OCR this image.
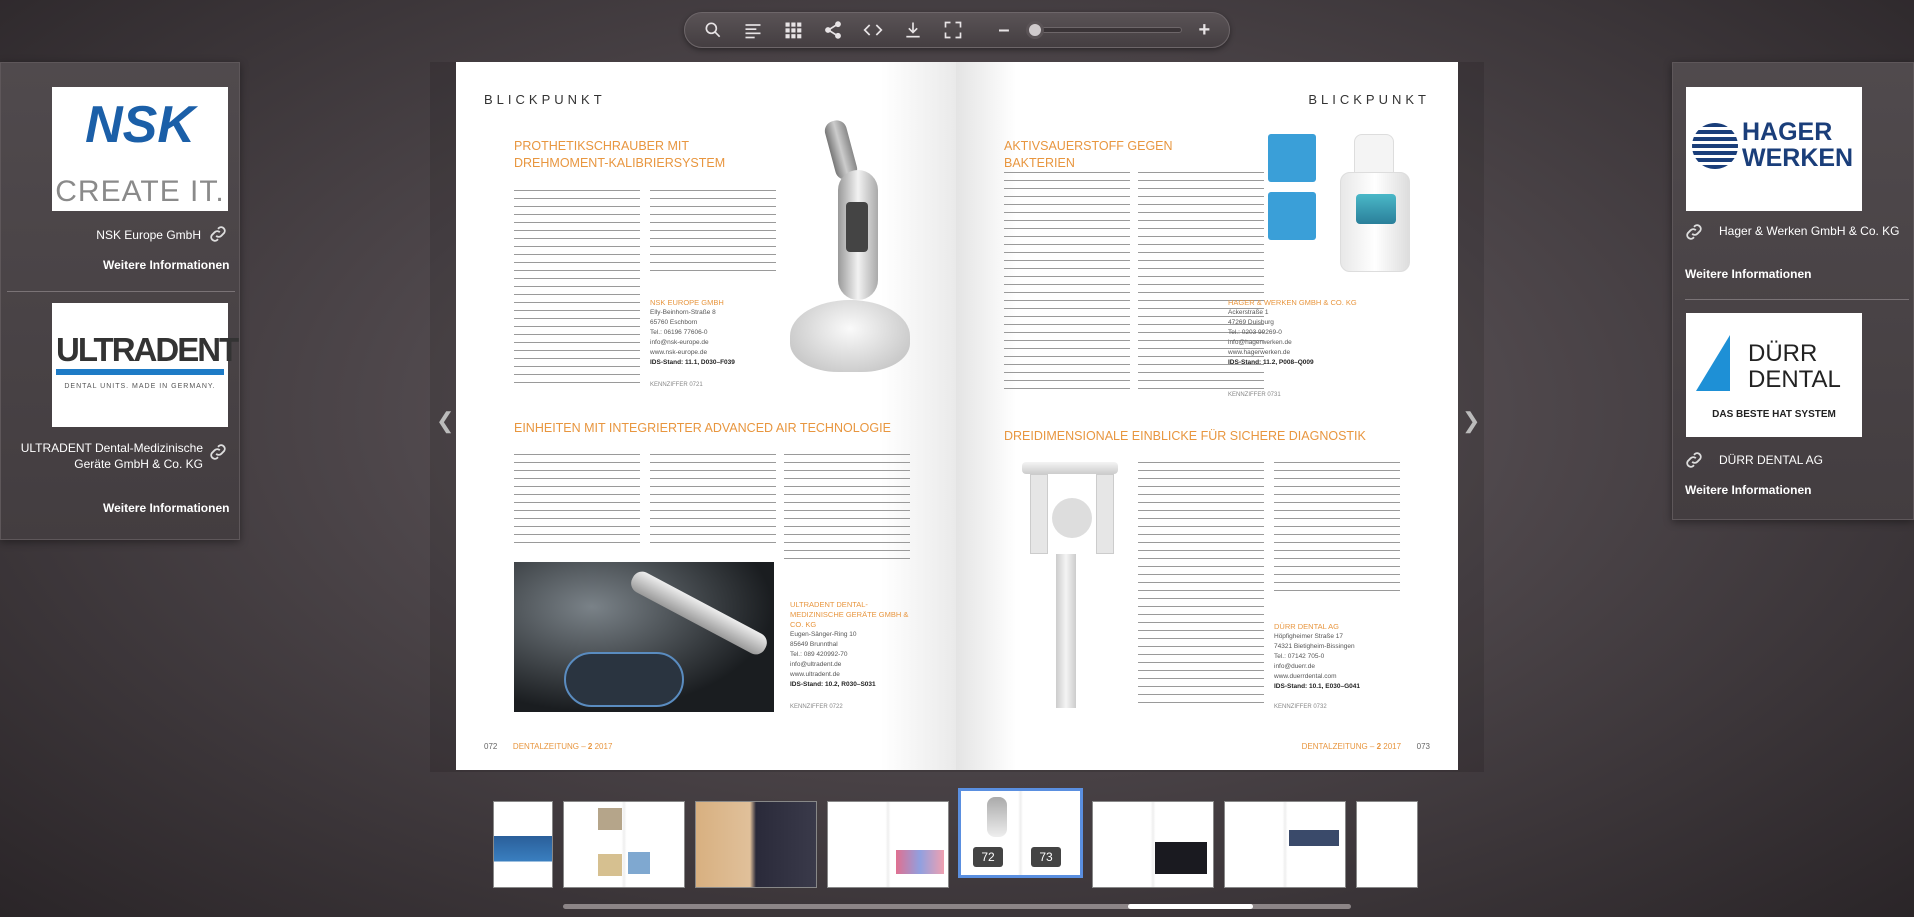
–	+
NSK
CREATE IT.
NSK Europe GmbH
Weitere Informationen
ULTRADENT
DENTAL UNITS. MADE IN GERMANY.
ULTRADENT Dental-Medizinische Geräte GmbH & Co. KG
Weitere Informationen
HAGER WERKEN
Hager & Werken GmbH & Co. KG
Weitere Informationen
DÜRR DENTAL
DAS BESTE HAT SYSTEM
DÜRR DENTAL AG
Weitere Informationen
❮	❯
BLICKPUNKT
PROTHETIKSCHRAUBER MIT DREHMOMENT-KALIBRIERSYSTEM
NSK EUROPE GMBH
Elly-Beinhorn-Straße 8
65760 Eschborn
Tel.: 06196 77606-0
info@nsk-europe.de
www.nsk-europe.de
IDS-Stand: 11.1, D030–F039
KENNZIFFER 0721
EINHEITEN MIT INTEGRIERTER ADVANCED AIR TECHNOLOGIE
ULTRADENT DENTAL-MEDIZINISCHE GERÄTE GMBH & CO. KG
Eugen-Sänger-Ring 10
85649 Brunnthal
Tel.: 089 420992-70
info@ultradent.de
www.ultradent.de
IDS-Stand: 10.2, R030–S031
KENNZIFFER 0722
072 DENTALZEITUNG – 2 2017
BLICKPUNKT
AKTIVSAUERSTOFF GEGEN BAKTERIEN
HAGER & WERKEN GMBH & CO. KG
Ackerstraße 1
47269 Duisburg
Tel.: 0203 99269-0
info@hagerwerken.de
www.hagerwerken.de
IDS-Stand: 11.2, P008–Q009
KENNZIFFER 0731
DREIDIMENSIONALE EINBLICKE FÜR SICHERE DIAGNOSTIK
DÜRR DENTAL AG
Höpfigheimer Straße 17
74321 Bietigheim-Bissingen
Tel.: 07142 705-0
info@duerr.de
www.duerrdental.com
IDS-Stand: 10.1, E030–G041
KENNZIFFER 0732
DENTALZEITUNG – 2 2017 073
72	73
